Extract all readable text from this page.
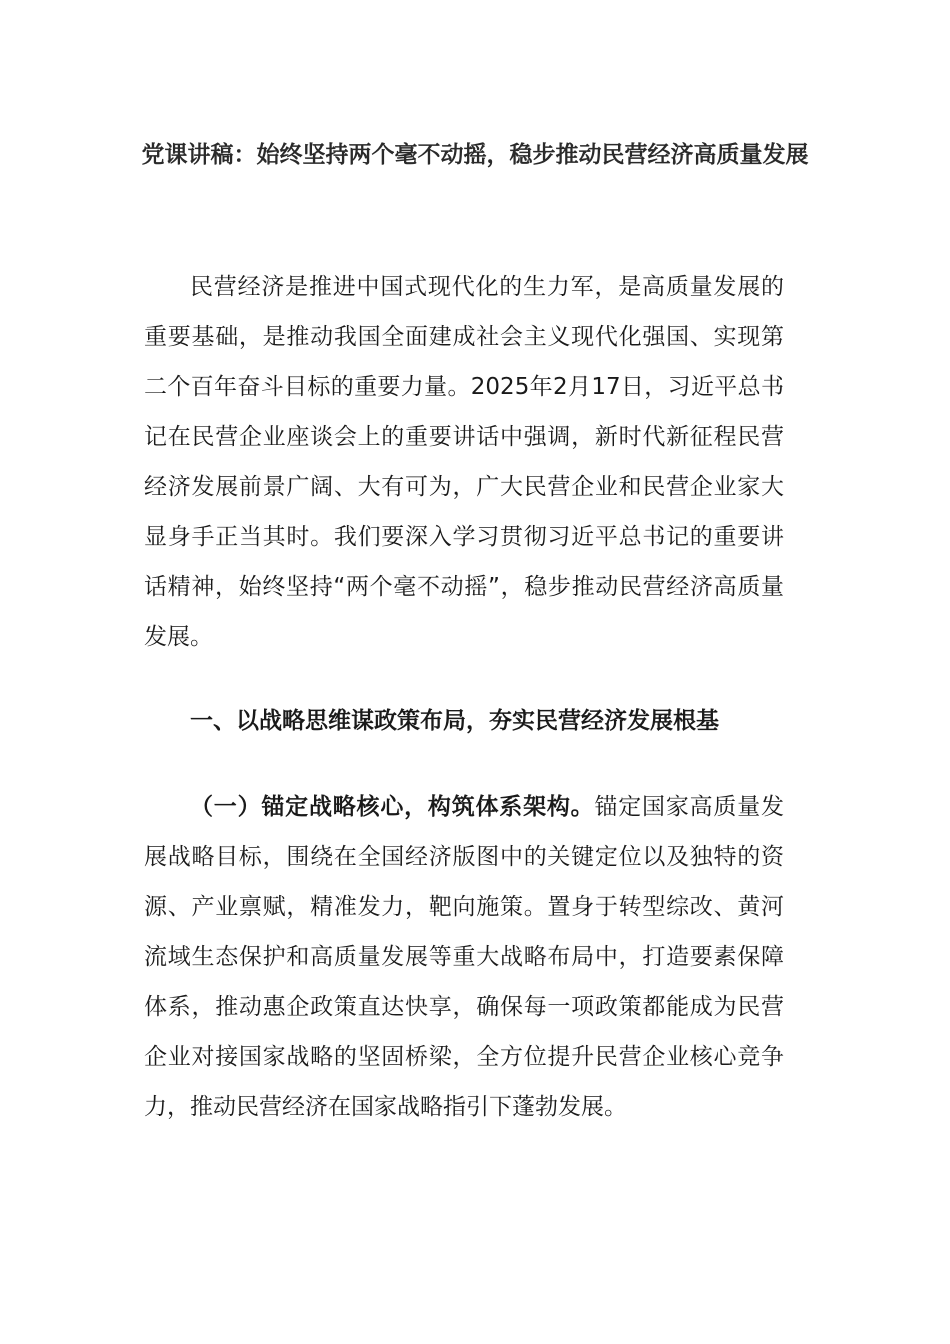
党课讲稿：始终坚持两个毫不动摇，稳步推动民营经济高质量发展

民营经济是推进中国式现代化的生力军，是高质量发展的重要基础，是推动我国全面建成社会主义现代化强国、实现第二个百年奋斗目标的重要力量。2025年2月17日，习近平总书记在民营企业座谈会上的重要讲话中强调，新时代新征程民营经济发展前景广阔、大有可为，广大民营企业和民营企业家大显身手正当其时。我们要深入学习贯彻习近平总书记的重要讲话精神，始终坚持“两个毫不动摇”，稳步推动民营经济高质量发展。

一、以战略思维谋政策布局，夯实民营经济发展根基

（一）锚定战略核心，构筑体系架构。锚定国家高质量发展战略目标，围绕在全国经济版图中的关键定位以及独特的资源、产业禀赋，精准发力，靶向施策。置身于转型综改、黄河流域生态保护和高质量发展等重大战略布局中，打造要素保障体系，推动惠企政策直达快享，确保每一项政策都能成为民营企业对接国家战略的坚固桥梁，全方位提升民营企业核心竞争力，推动民营经济在国家战略指引下蓬勃发展。
